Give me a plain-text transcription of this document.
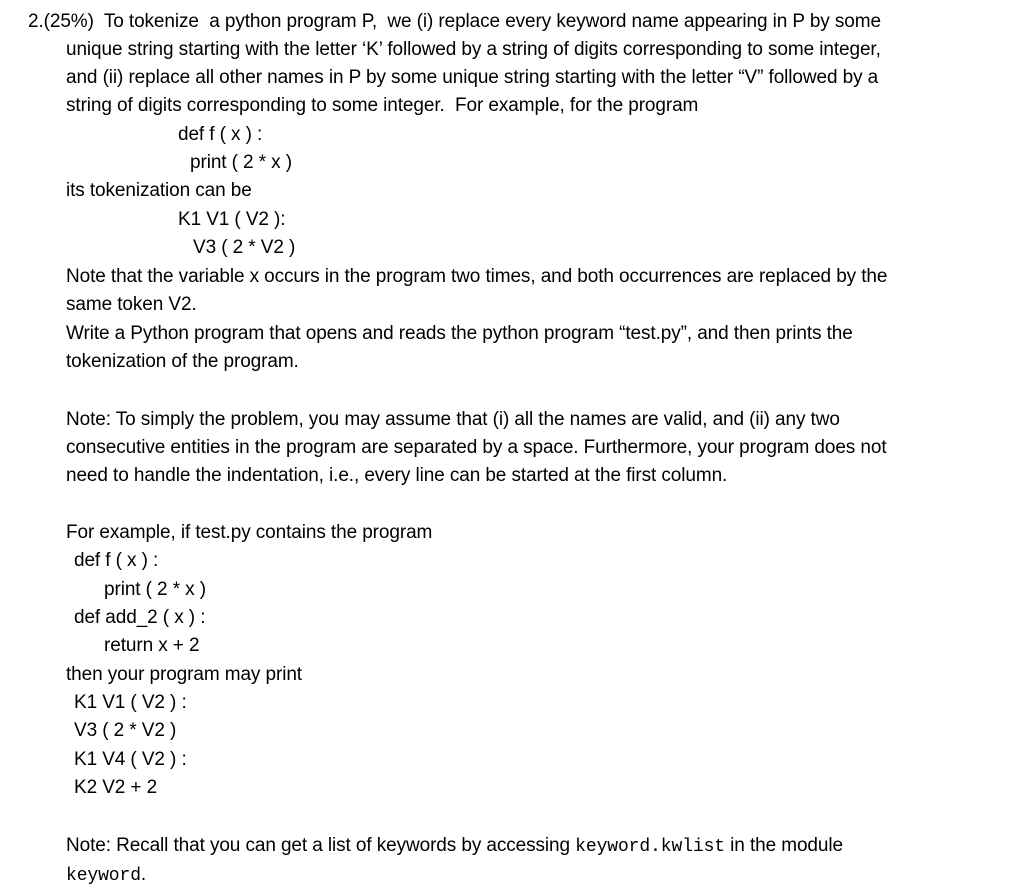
2.(25%)  To tokenize  a python program P,  we (i) replace every keyword name appearing in P by some
unique string starting with the letter ‘K’ followed by a string of digits corresponding to some integer,
and (ii) replace all other names in P by some unique string starting with the letter “V” followed by a
string of digits corresponding to some integer.  For example, for the program
def f ( x ) :
print ( 2 * x )
its tokenization can be
K1 V1 ( V2 ):
V3 ( 2 * V2 )
Note that the variable x occurs in the program two times, and both occurrences are replaced by the
same token V2.
Write a Python program that opens and reads the python program “test.py”, and then prints the
tokenization of the program.
Note: To simply the problem, you may assume that (i) all the names are valid, and (ii) any two
consecutive entities in the program are separated by a space. Furthermore, your program does not
need to handle the indentation, i.e., every line can be started at the first column.
For example, if test.py contains the program
def f ( x ) :
print ( 2 * x )
def add_2 ( x ) :
return x + 2
then your program may print
K1 V1 ( V2 ) :
V3 ( 2 * V2 )
K1 V4 ( V2 ) :
K2 V2 + 2
Note: Recall that you can get a list of keywords by accessing keyword.kwlist in the module
keyword.
